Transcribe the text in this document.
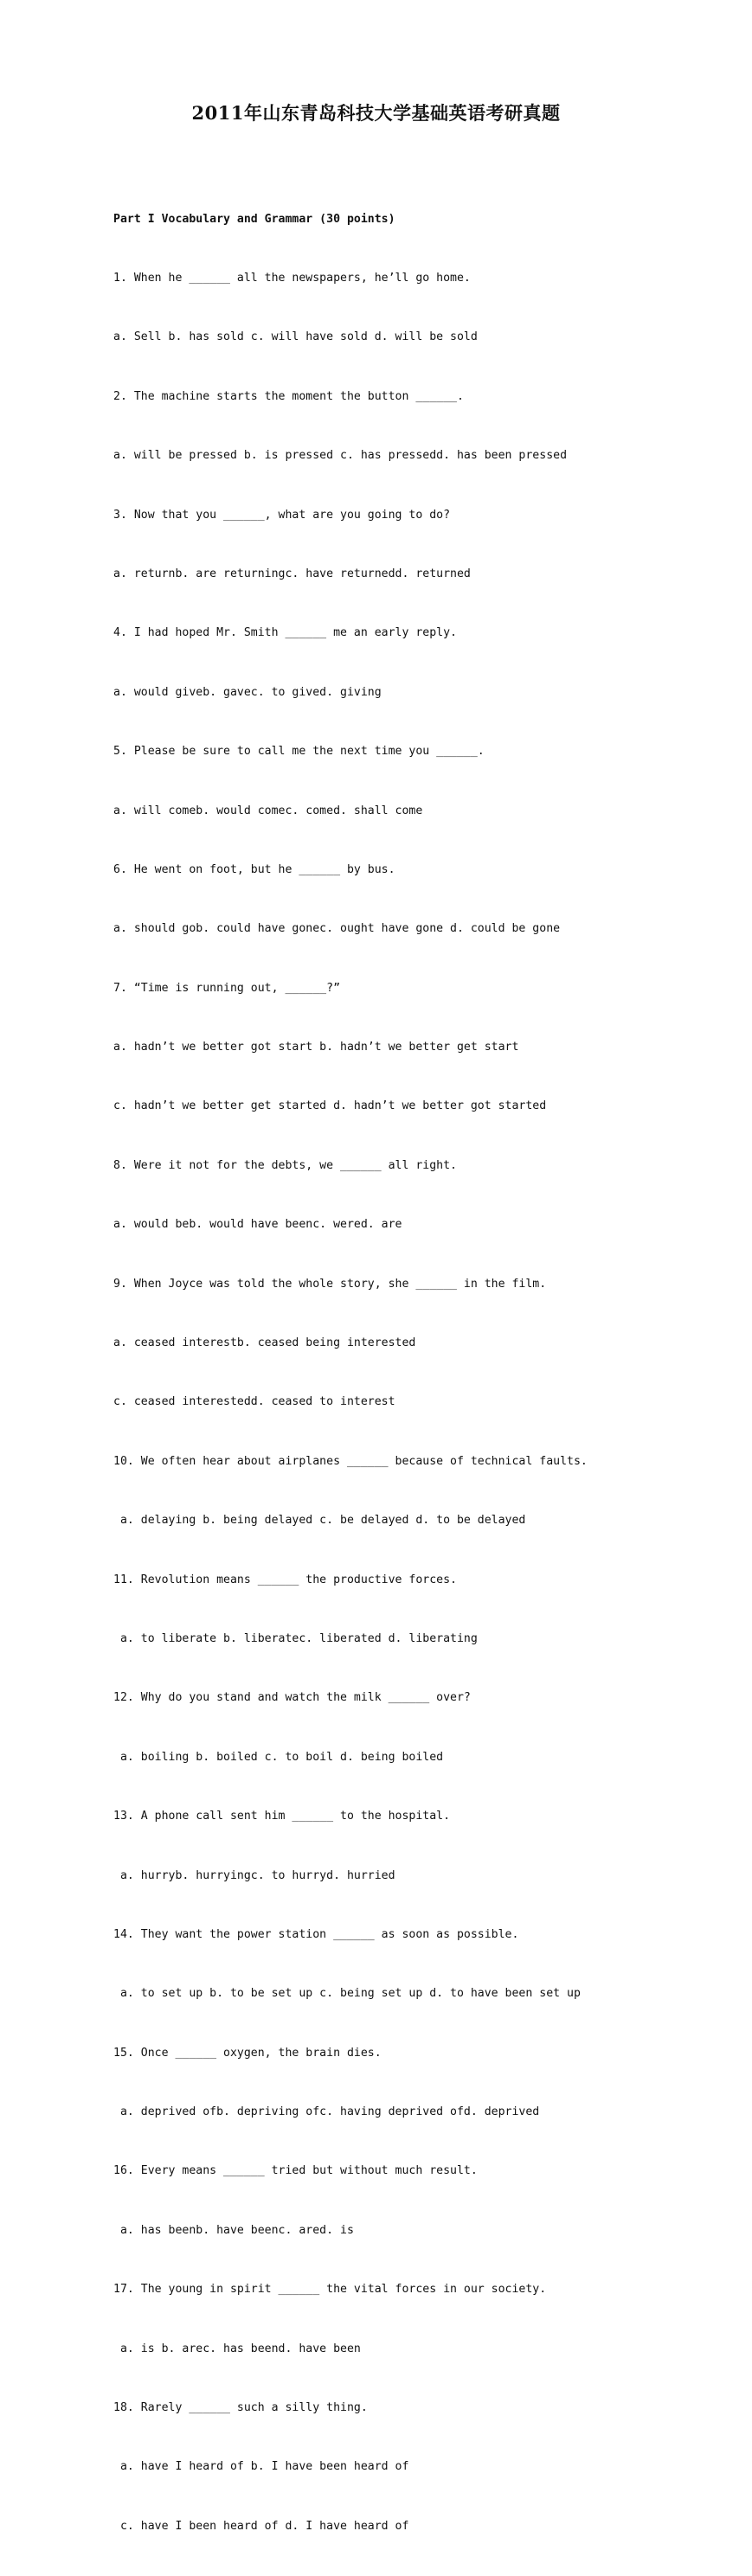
2011年山东青岛科技大学基础英语考研真题

Part I Vocabulary and Grammar (30 points)

1. When he ______ all the newspapers, he’ll go home.

a. Sell b. has sold c. will have sold d. will be sold

2. The machine starts the moment the button ______.

a. will be pressed b. is pressed c. has pressedd. has been pressed

3. Now that you ______, what are you going to do?

a. returnb. are returningc. have returnedd. returned

4. I had hoped Mr. Smith ______ me an early reply.

a. would giveb. gavec. to gived. giving

5. Please be sure to call me the next time you ______.

a. will comeb. would comec. comed. shall come

6. He went on foot, but he ______ by bus.

a. should gob. could have gonec. ought have gone d. could be gone

7. “Time is running out, ______?”

a. hadn’t we better got start b. hadn’t we better get start

c. hadn’t we better get started d. hadn’t we better got started

8. Were it not for the debts, we ______ all right.

a. would beb. would have beenc. wered. are

9. When Joyce was told the whole story, she ______ in the film.

a. ceased interestb. ceased being interested

c. ceased interestedd. ceased to interest

10. We often hear about airplanes ______ because of technical faults.

a. delaying b. being delayed c. be delayed d. to be delayed

11. Revolution means ______ the productive forces.

a. to liberate b. liberatec. liberated d. liberating

12. Why do you stand and watch the milk ______ over?

a. boiling b. boiled c. to boil d. being boiled

13. A phone call sent him ______ to the hospital.

a. hurryb. hurryingc. to hurryd. hurried

14. They want the power station ______ as soon as possible.

a. to set up b. to be set up c. being set up d. to have been set up

15. Once ______ oxygen, the brain dies.

a. deprived ofb. depriving ofc. having deprived ofd. deprived

16. Every means ______ tried but without much result.

a. has beenb. have beenc. ared. is

17. The young in spirit ______ the vital forces in our society.

a. is b. arec. has beend. have been

18. Rarely ______ such a silly thing.

a. have I heard of b. I have been heard of

c. have I been heard of d. I have heard of
